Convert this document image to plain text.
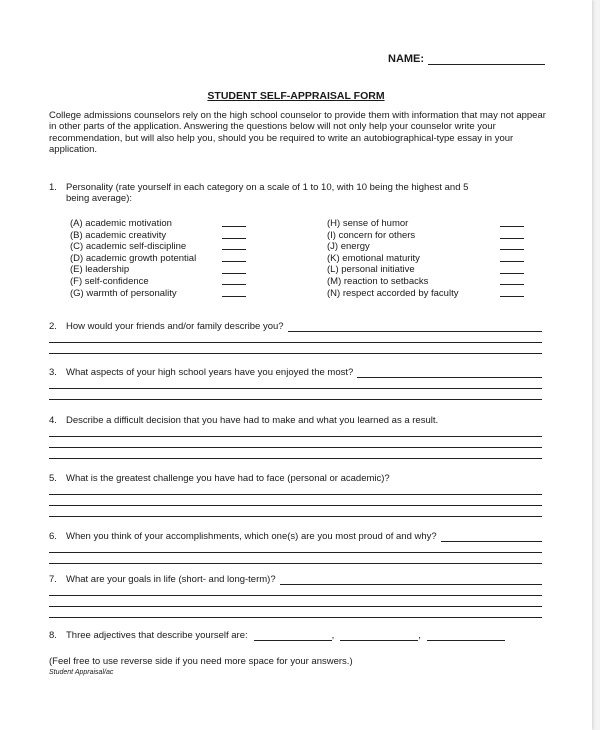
NAME:
STUDENT SELF-APPRAISAL FORM
College admissions counselors rely on the high school counselor to provide them with information that may not appear in other parts of the application. Answering the questions below will not only help your counselor write your recommendation, but will also help you, should you be required to write an autobiographical-type essay in your application.
1. Personality (rate yourself in each category on a scale of 1 to 10, with 10 being the highest and 5
being average):
(A) academic motivation
(B) academic creativity
(C) academic self-discipline
(D) academic growth potential
(E) leadership
(F) self-confidence
(G) warmth of personality
(H) sense of humor
(I) concern for others
(J) energy
(K) emotional maturity
(L) personal initiative
(M) reaction to setbacks
(N) respect accorded by faculty
2. How would your friends and/or family describe you?
3. What aspects of your high school years have you enjoyed the most?
4. Describe a difficult decision that you have had to make and what you learned as a result.
5. What is the greatest challenge you have had to face (personal or academic)?
6. When you think of your accomplishments, which one(s) are you most proud of and why?
7. What are your goals in life (short- and long-term)?
8. Three adjectives that describe yourself are:	,	,
(Feel free to use reverse side if you need more space for your answers.)
Student Appraisal/ac
